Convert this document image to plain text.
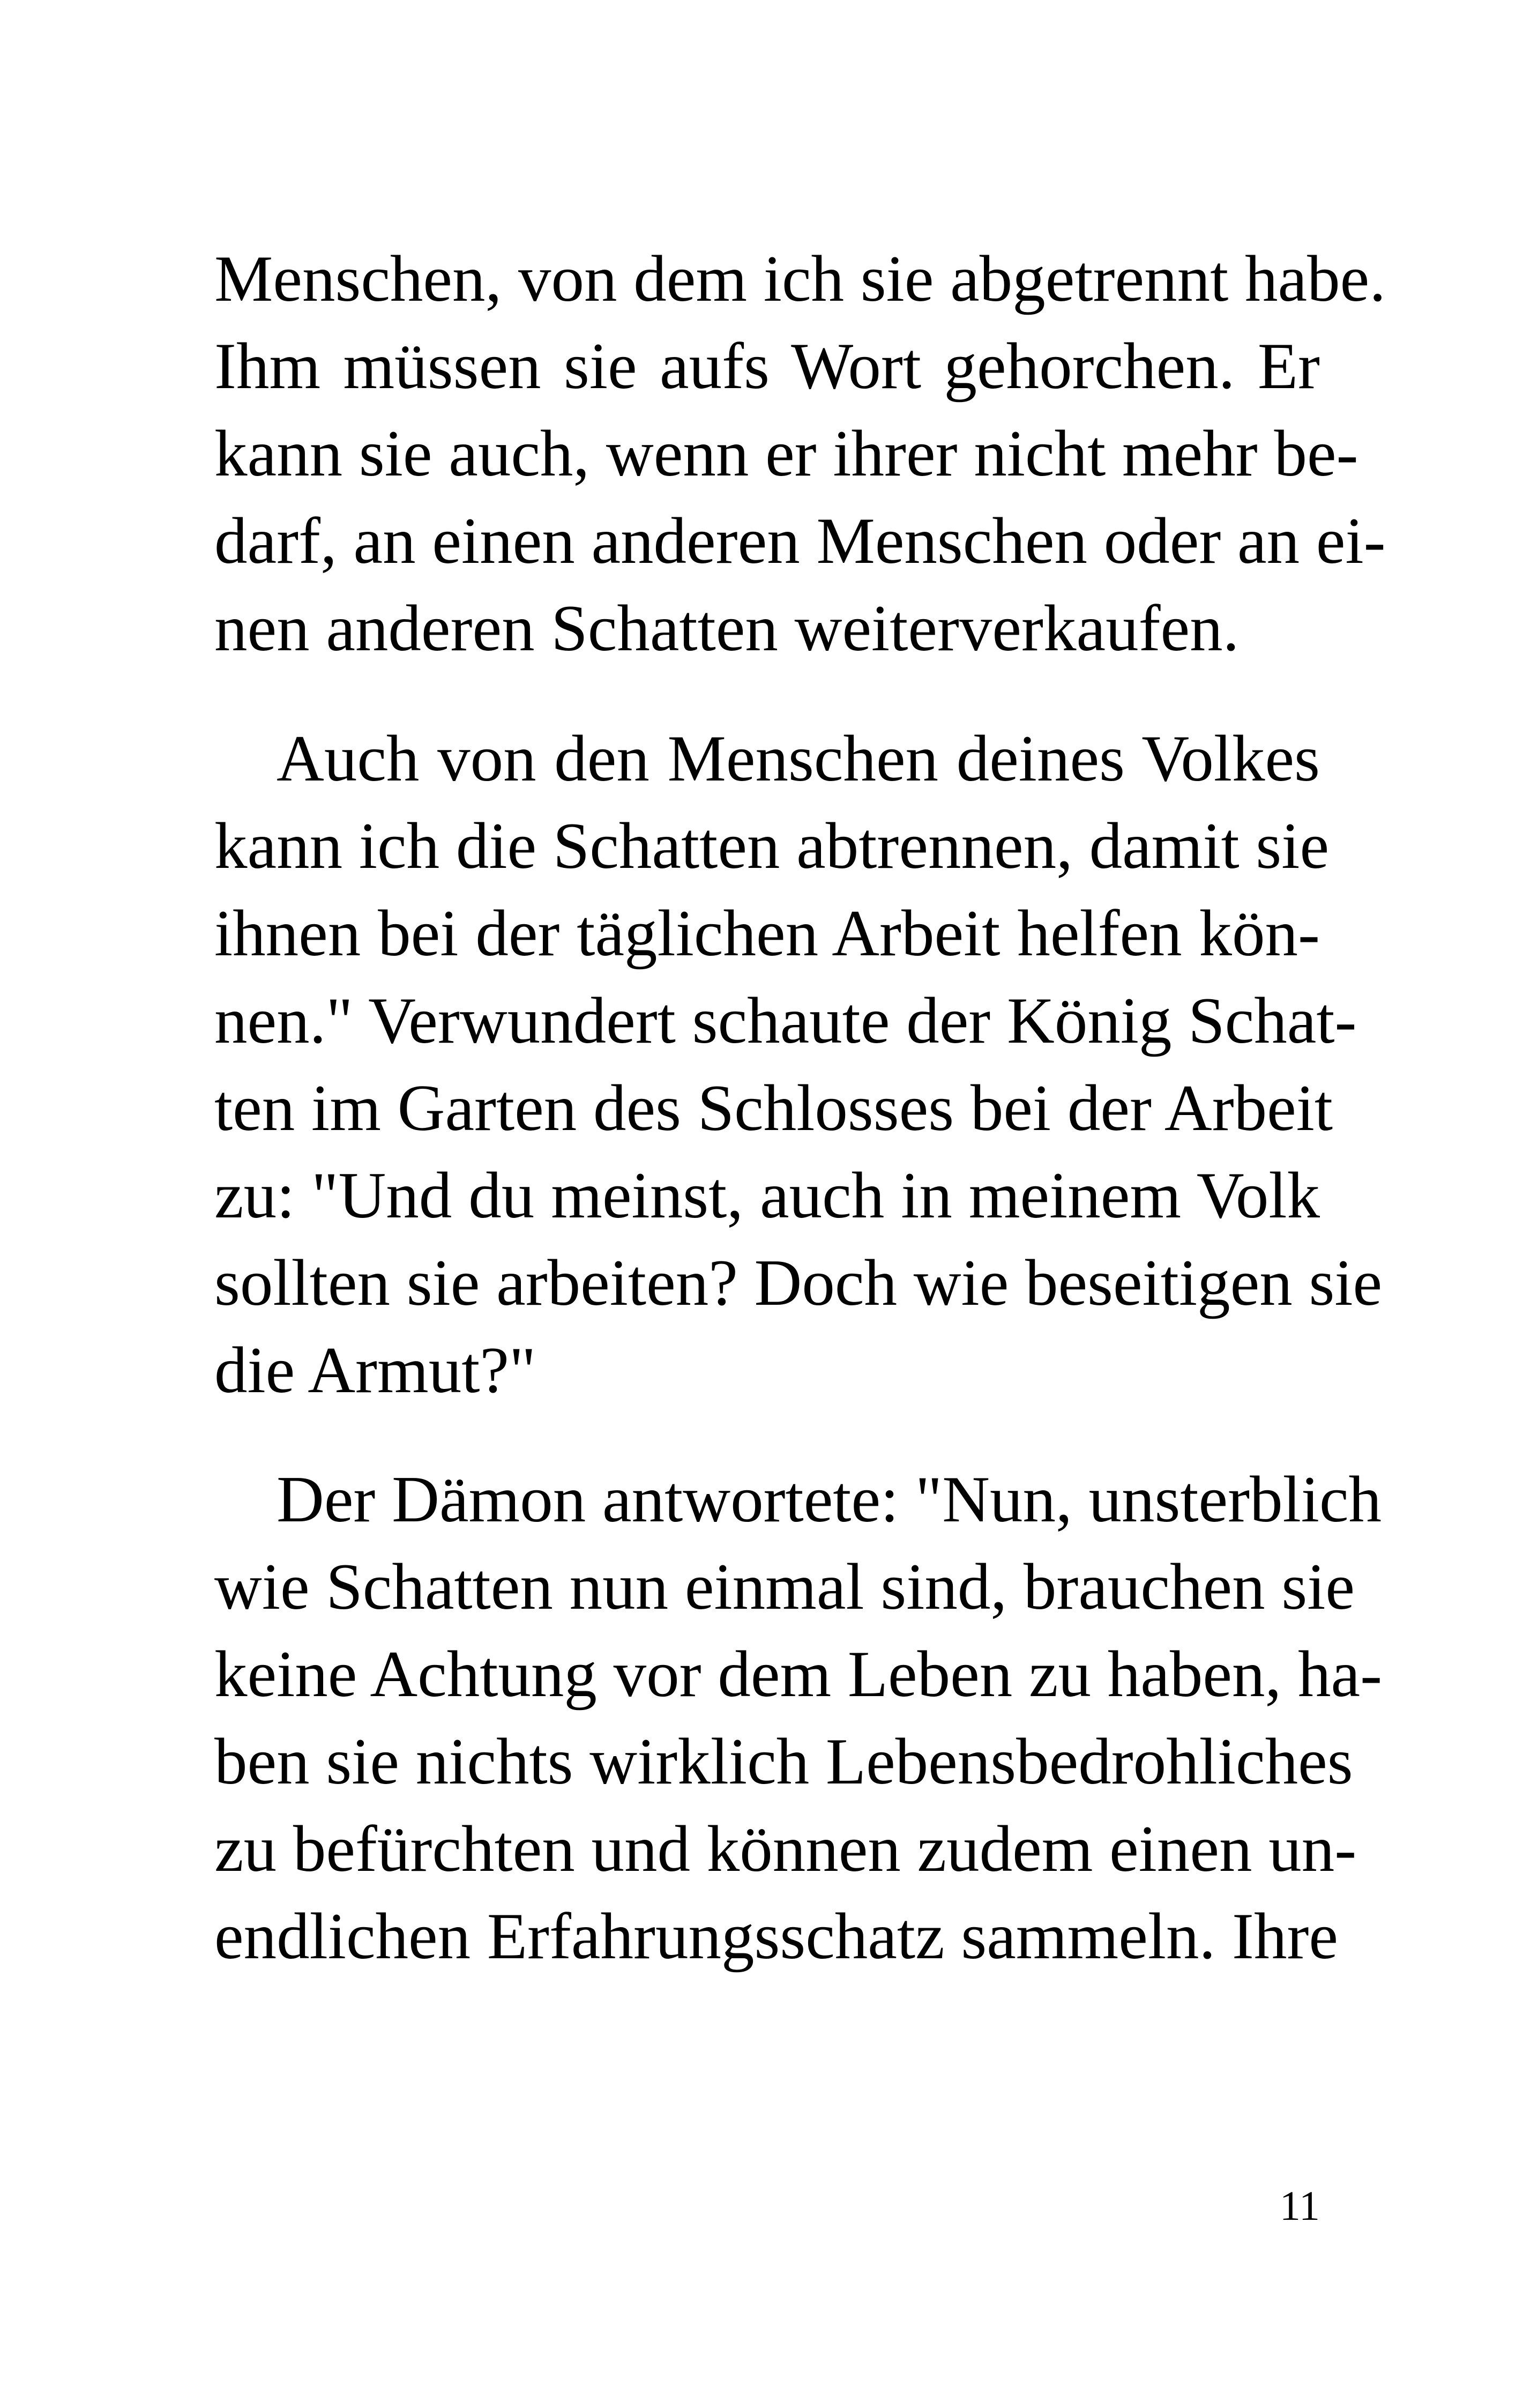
Menschen, von dem ich sie abgetrennt habe.
Ihm müssen sie aufs Wort gehorchen. Er
kann sie auch, wenn er ihrer nicht mehr be-
darf, an einen anderen Menschen oder an ei-
nen anderen Schatten weiterverkaufen.
Auch von den Menschen deines Volkes
kann ich die Schatten abtrennen, damit sie
ihnen bei der täglichen Arbeit helfen kön-
nen." Verwundert schaute der König Schat-
ten im Garten des Schlosses bei der Arbeit
zu: "Und du meinst, auch in meinem Volk
sollten sie arbeiten? Doch wie beseitigen sie
die Armut?"
Der Dämon antwortete: "Nun, unsterblich
wie Schatten nun einmal sind, brauchen sie
keine Achtung vor dem Leben zu haben, ha-
ben sie nichts wirklich Lebensbedrohliches
zu befürchten und können zudem einen un-
endlichen Erfahrungsschatz sammeln. Ihre
11
